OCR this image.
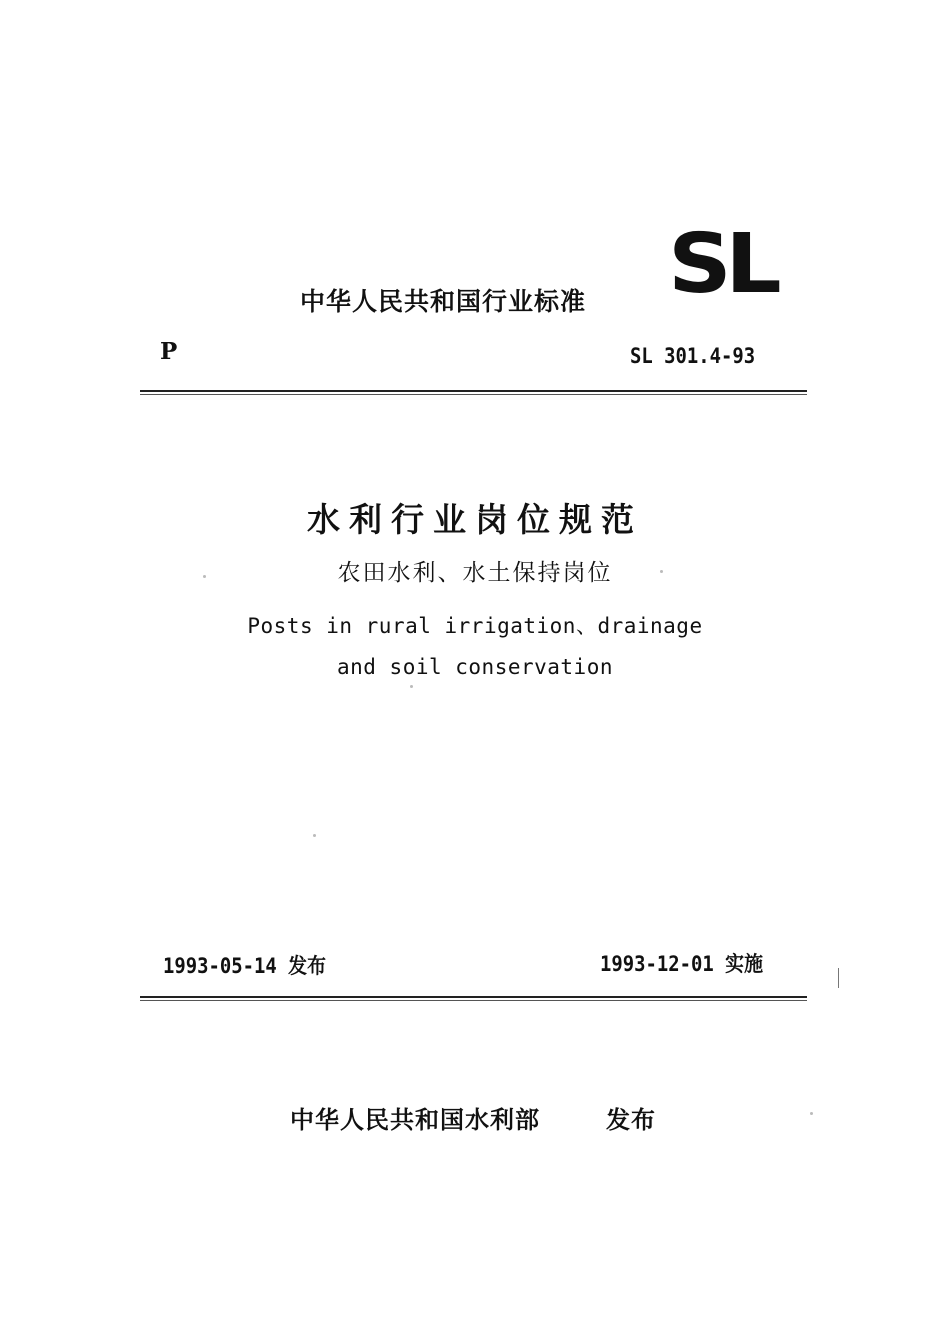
中华人民共和国行业标准 SL
P	SL 301.4-93
水利行业岗位规范
农田水利、水土保持岗位
Posts in rural irrigation、drainage
and soil conservation
1993-05-14 发布	1993-12-01 实施
中华人民共和国水利部	发布
